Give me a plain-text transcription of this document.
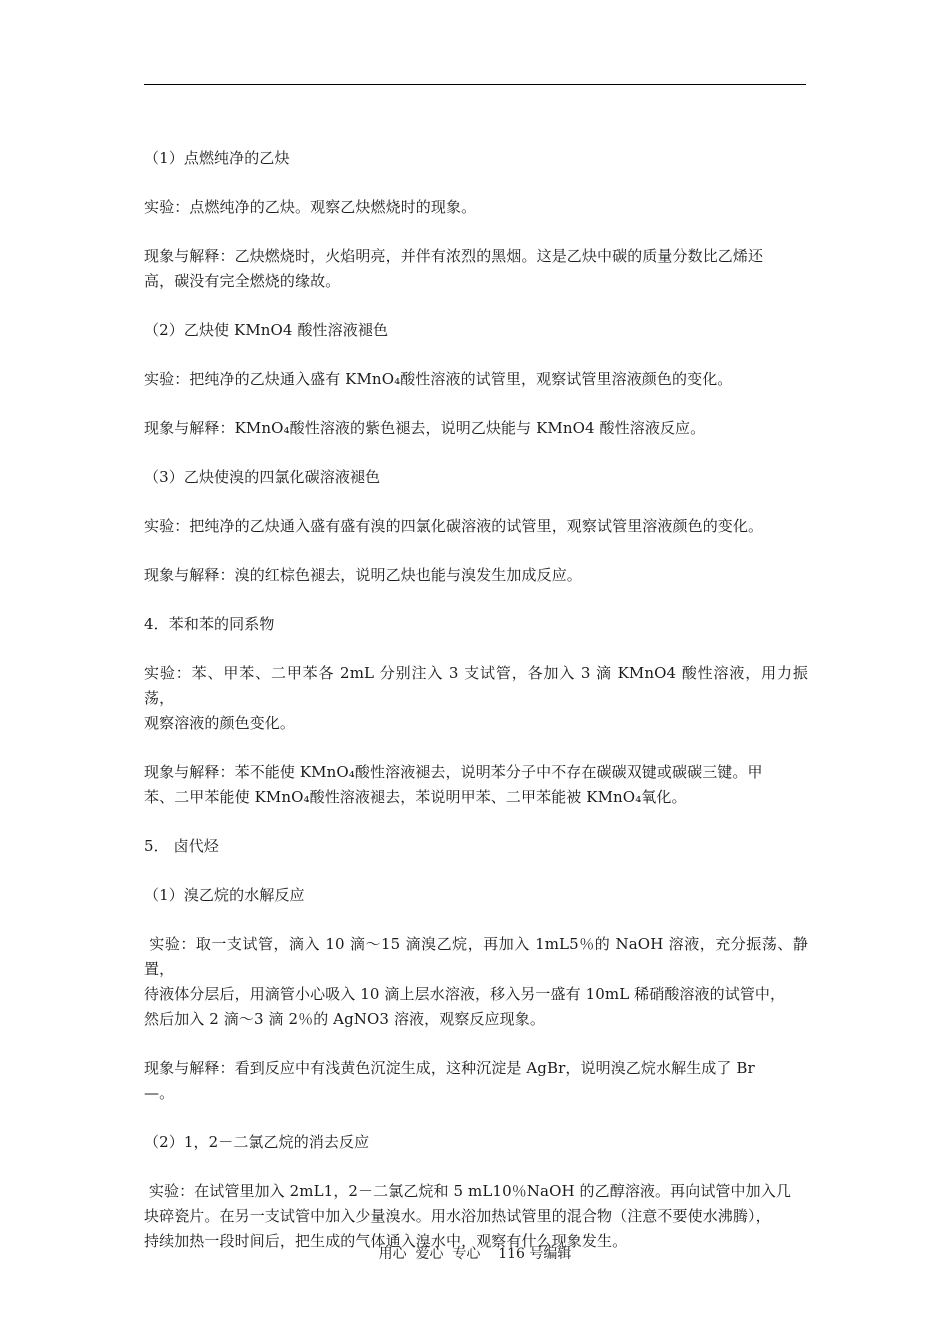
（1）点燃纯净的乙炔

实验：点燃纯净的乙炔。观察乙炔燃烧时的现象。

现象与解释：乙炔燃烧时，火焰明亮，并伴有浓烈的黑烟。这是乙炔中碳的质量分数比乙烯还
高，碳没有完全燃烧的缘故。

（2）乙炔使 KMnO4 酸性溶液褪色

实验：把纯净的乙炔通入盛有 KMnO₄酸性溶液的试管里，观察试管里溶液颜色的变化。

现象与解释：KMnO₄酸性溶液的紫色褪去，说明乙炔能与 KMnO4 酸性溶液反应。

（3）乙炔使溴的四氯化碳溶液褪色

实验：把纯净的乙炔通入盛有盛有溴的四氯化碳溶液的试管里，观察试管里溶液颜色的变化。

现象与解释：溴的红棕色褪去，说明乙炔也能与溴发生加成反应。

4．苯和苯的同系物

实验：苯、甲苯、二甲苯各 2mL 分别注入 3 支试管，各加入 3 滴 KMnO4 酸性溶液，用力振荡，
观察溶液的颜色变化。

现象与解释：苯不能使 KMnO₄酸性溶液褪去，说明苯分子中不存在碳碳双键或碳碳三键。甲
苯、二甲苯能使 KMnO₄酸性溶液褪去，苯说明甲苯、二甲苯能被 KMnO₄氧化。

5． 卤代烃

（1）溴乙烷的水解反应

实验：取一支试管，滴入 10 滴～15 滴溴乙烷，再加入 1mL5％的 NaOH 溶液，充分振荡、静置，
待液体分层后，用滴管小心吸入 10 滴上层水溶液，移入另一盛有 10mL 稀硝酸溶液的试管中，
然后加入 2 滴～3 滴 2％的 AgNO3 溶液，观察反应现象。

现象与解释：看到反应中有浅黄色沉淀生成，这种沉淀是 AgBr，说明溴乙烷水解生成了 Br
—。

（2）1，2－二氯乙烷的消去反应

实验：在试管里加入 2mL1，2－二氯乙烷和 5 mL10％NaOH 的乙醇溶液。再向试管中加入几
块碎瓷片。在另一支试管中加入少量溴水。用水浴加热试管里的混合物（注意不要使水沸腾），
持续加热一段时间后，把生成的气体通入溴水中，观察有什么现象发生。

用心  爱心  专心    116 号编辑
